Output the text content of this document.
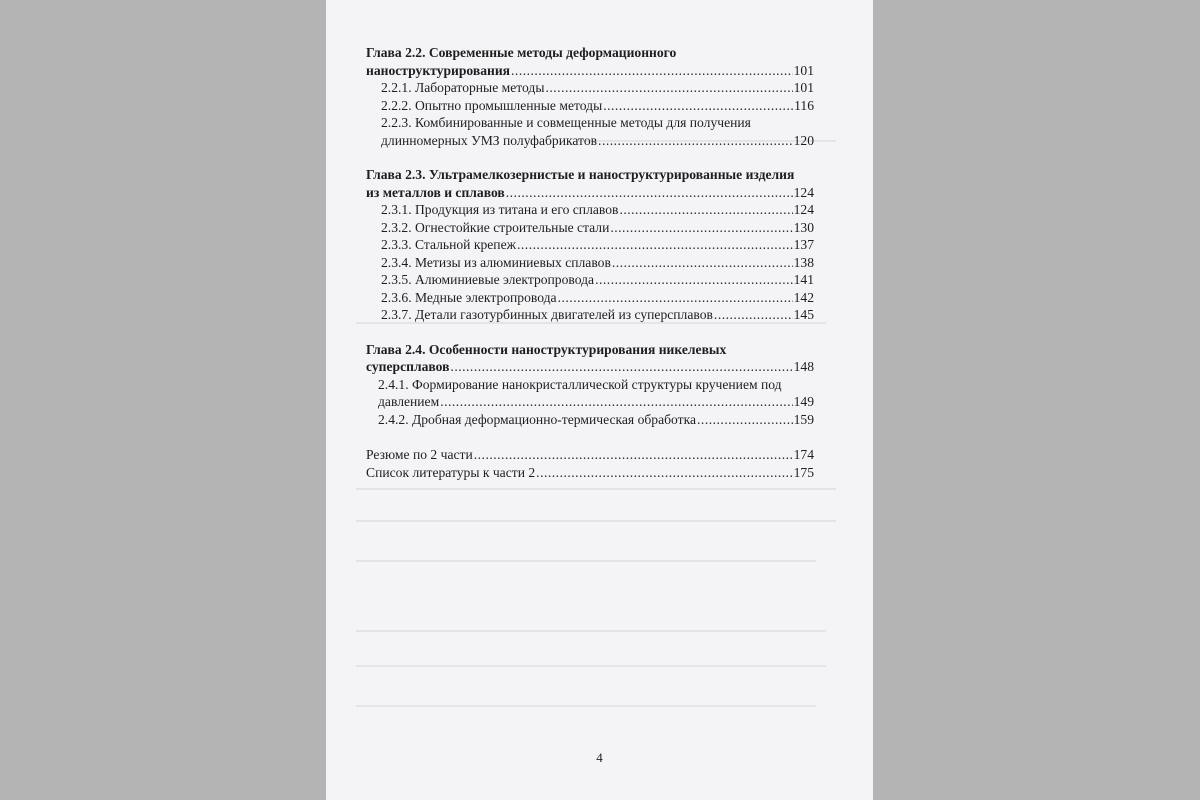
Глава 2.2. Современные методы деформационного
наноструктурирования .....	101
2.2.1. Лабораторные методы .....	101
2.2.2. Опытно промышленные методы .....	116
2.2.3. Комбинированные и совмещенные методы для получения
длинномерных УМЗ полуфабрикатов .....	120
Глава 2.3. Ультрамелкозернистые и наноструктурированные изделия
из металлов и сплавов .....	124
2.3.1. Продукция из титана и его сплавов .....	124
2.3.2. Огнестойкие строительные стали .....	130
2.3.3. Стальной крепеж .....	137
2.3.4. Метизы из алюминиевых сплавов .....	138
2.3.5. Алюминиевые электропровода .....	141
2.3.6. Медные электропровода .....	142
2.3.7. Детали газотурбинных двигателей из суперсплавов .....	145
Глава 2.4. Особенности наноструктурирования никелевых
суперсплавов .....	148
2.4.1. Формирование нанокристаллической структуры кручением под
давлением .....	149
2.4.2. Дробная деформационно-термическая обработка .....	159
Резюме по 2 части .....	174
Список литературы к части 2 .....	175
4
